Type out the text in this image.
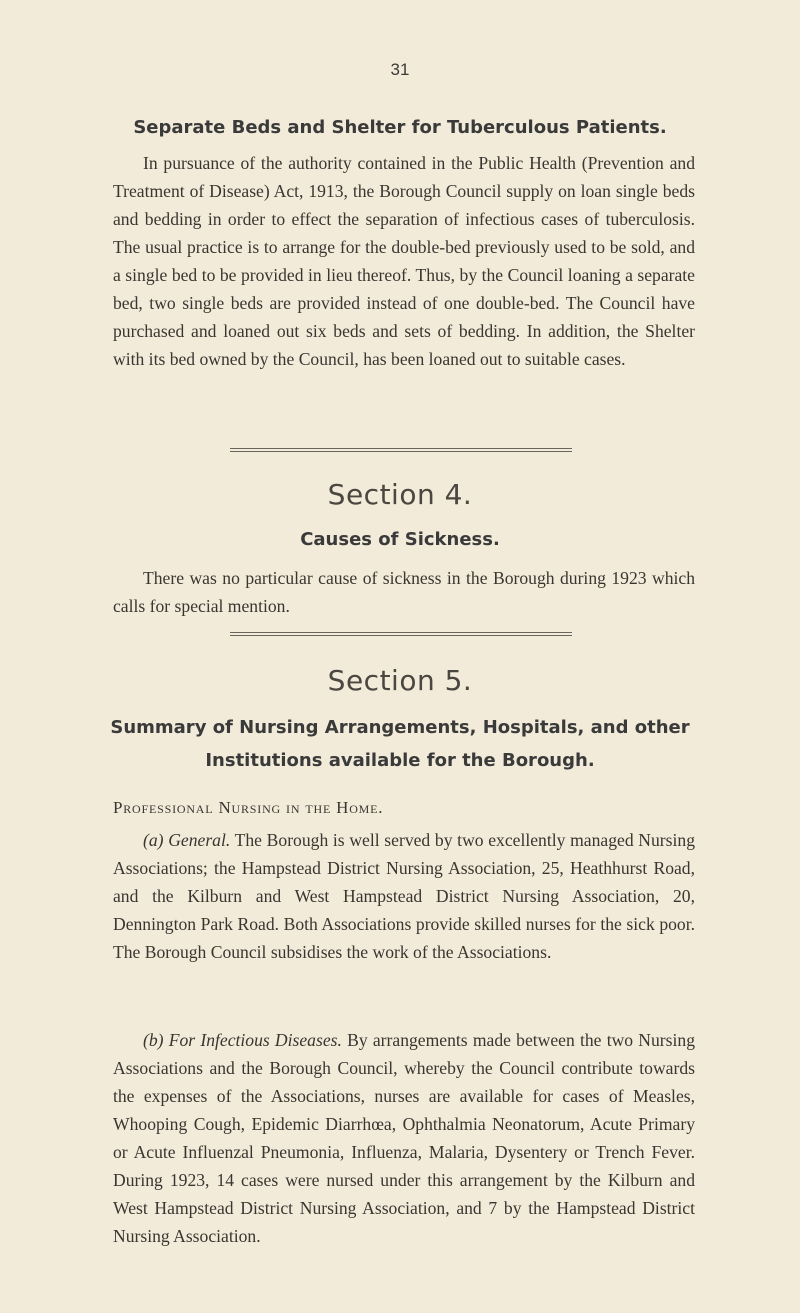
31
Separate Beds and Shelter for Tuberculous Patients.

In pursuance of the authority contained in the Public Health (Prevention and Treatment of Disease) Act, 1913, the Borough Council supply on loan single beds and bedding in order to effect the separation of infectious cases of tuberculosis. The usual practice is to arrange for the double-bed previously used to be sold, and a single bed to be provided in lieu thereof. Thus, by the Council loaning a separate bed, two single beds are provided instead of one double-bed. The Council have purchased and loaned out six beds and sets of bedding. In addition, the Shelter with its bed owned by the Council, has been loaned out to suitable cases.

Section 4.
Causes of Sickness.

There was no particular cause of sickness in the Borough during 1923 which calls for special mention.

Section 5.
Summary of Nursing Arrangements, Hospitals, and other
Institutions available for the Borough.
Professional Nursing in the Home.

(a) General. The Borough is well served by two excellently managed Nursing Associations; the Hampstead District Nursing Association, 25, Heathhurst Road, and the Kilburn and West Hampstead District Nursing Association, 20, Dennington Park Road. Both Associations provide skilled nurses for the sick poor. The Borough Council subsidises the work of the Associations.

(b) For Infectious Diseases. By arrangements made between the two Nursing Associations and the Borough Council, whereby the Council contribute towards the expenses of the Associations, nurses are available for cases of Measles, Whooping Cough, Epidemic Diarrhœa, Ophthalmia Neonatorum, Acute Primary or Acute Influenzal Pneumonia, Influenza, Malaria, Dysentery or Trench Fever. During 1923, 14 cases were nursed under this arrangement by the Kilburn and West Hampstead District Nursing Association, and 7 by the Hampstead District Nursing Association.
